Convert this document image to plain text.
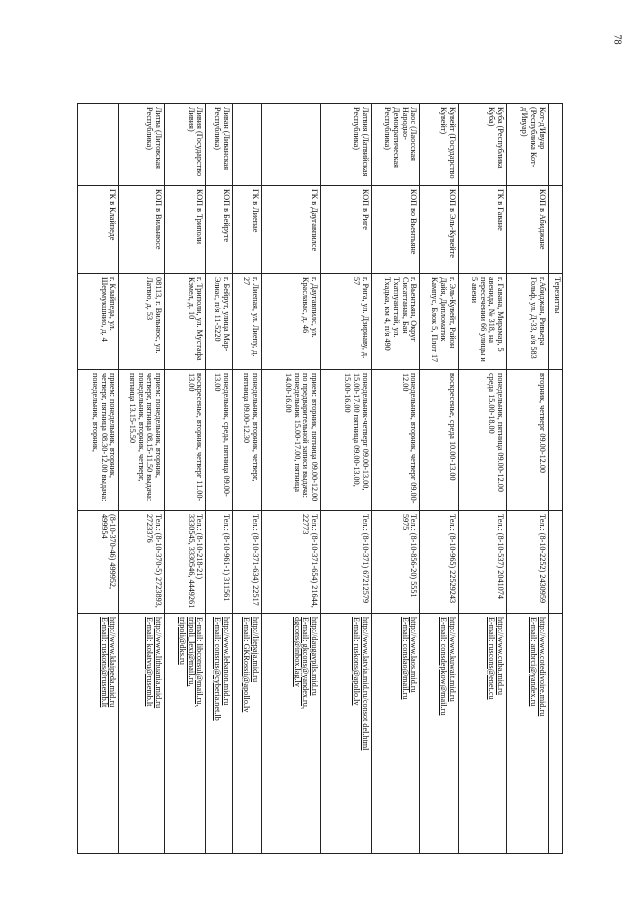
78
		Терезитты			
Кот-д'Ивуар (Республика Кот-д'Ивуар)	КОП в Абиджане	г.Абиджан, Ривьера Гольф, ул. Д-33, а/я 583	вторник, четверг 09.00-12.00	Тел.: (8-10-2252) 2430959	http://www.cotedivoire.mid.ru
E-mail: ambrci@yandex.ru

Куба (Республика Куба)	ГК в Гаване	г. Гавана, Мирамар, 5 авенида, № 318, на пересечении 66 улицы и 5 авени	понедельник, пятница 09.00-12.00 среда 15.00-18.00	Тел.: (8-10-537) 2041074	http://www.cuba.mid.ru
E-mail: ruscons@enet.cu

Кувейт (Государство Кувейт)	КОП в Эль-Кувейте	г. Эль-Кувейт, Район Дайя, Дипломатик Кампус, Блок 5, Плот 17	воскресенье, среда 10.00-13.00	Тел.: (8-10-965) 22529243	http://www.kuwait.mid.ru
E-mail: consdepkow@mail.ru

Лаос (Лаосская Народно-Демократическая Республика)	КОП во Вьентьяне	г. Вьентьян, Округ Сисаттанак, Бан Тхатлуангтай, ул. Тхадыа, км 4, п/я 490	понедельник, вторник, четверг 09.00-12.00	Тел.: (8-10-856-20) 5551 5975	http://www.laos.mid.ru
E-mail: conslao@mail.ru

Латвия (Латвийская Республика)	КОП в Риге	г. Рига, ул. Дзирнаву, д. 57	понедельник-четверг 09.00-13.00, 15.00-17.00 пятница 09.00-13.00, 15.00-16.00	Тел.: (8-10-371) 67212579	http://www.latvia.mid.ru/consot del.html
E-mail: ruskons@apollo.lv

	ГК в Даугавпилсе	г. Даугавпилс, ул. Краславас, д. 46	прием: вторник, пятница 09.00-12.00 по предварительной записи выдача: понедельник 15.00-17.00, пятница 14.00-16.00	Тел.: (8-10-371-654) 21644, 22773	http://daugavpils.mid.ru
E-mail: gkcons@yandex.ru,
dgcons@inbox.lag.lv

	ГК в Лиепае	г. Лиепая, ул. Лиепу, д. 27	понедельник, вторник, четверг, пятница 09.00-12.30	Тел.: (8-10-371-634) 22517	http://liepaja.mid.ru
E-mail: GKRossii@apollo.lv

Ливан (Ливанская Республика)	КОП в Бейруте	г. Бейрут, улица Мар-Элиас, п/я 11-5220	понедельник, среда, пятница 09.00-13.00	Тел.: (8-10-961-1) 311561	http://www.lebanon.mid.ru
E-mail: consrus@cyberia.net.lb

Ливия (Государство Ливия)	КОП в Триполи	г. Триполи, ул. Мустафа Кэмел, д. 10	воскресенье, вторник, четверг 11.00-13.00	Тел.: (8-10-218-21) 3330545, 3330546, 4449261	E-mail: libconsul@mail.ru,
tripoli_lexi@mail.ru,
tripoli@dks.ru

Литва (Литовская Республика)	КОП в Вильнюсе	08113, г. Вильнюс, ул. Латвю, д. 53	прием: понедельник, вторник, четверг, пятница 08.15-11.50 выдача: понедельник, вторник, четверг, пятница 13.15-15.50	Тел.: (8-10-370-5) 2723893, 2723376	http://www.lithuania.mid.ru
E-mail: kolatvu@rusemb.lt

	ГК в Клайпеде	г. Клайпеда, ул. Шермукшнио, д. 4	прием: понедельник, вторник, четверг, пятница 08.30-12.00 выдача: понедельник, вторник,	(8-10-370-46) 499952, 499954	http://www.klaipeda.mid.ru
E-mail: ruskons@rusemb.lt
